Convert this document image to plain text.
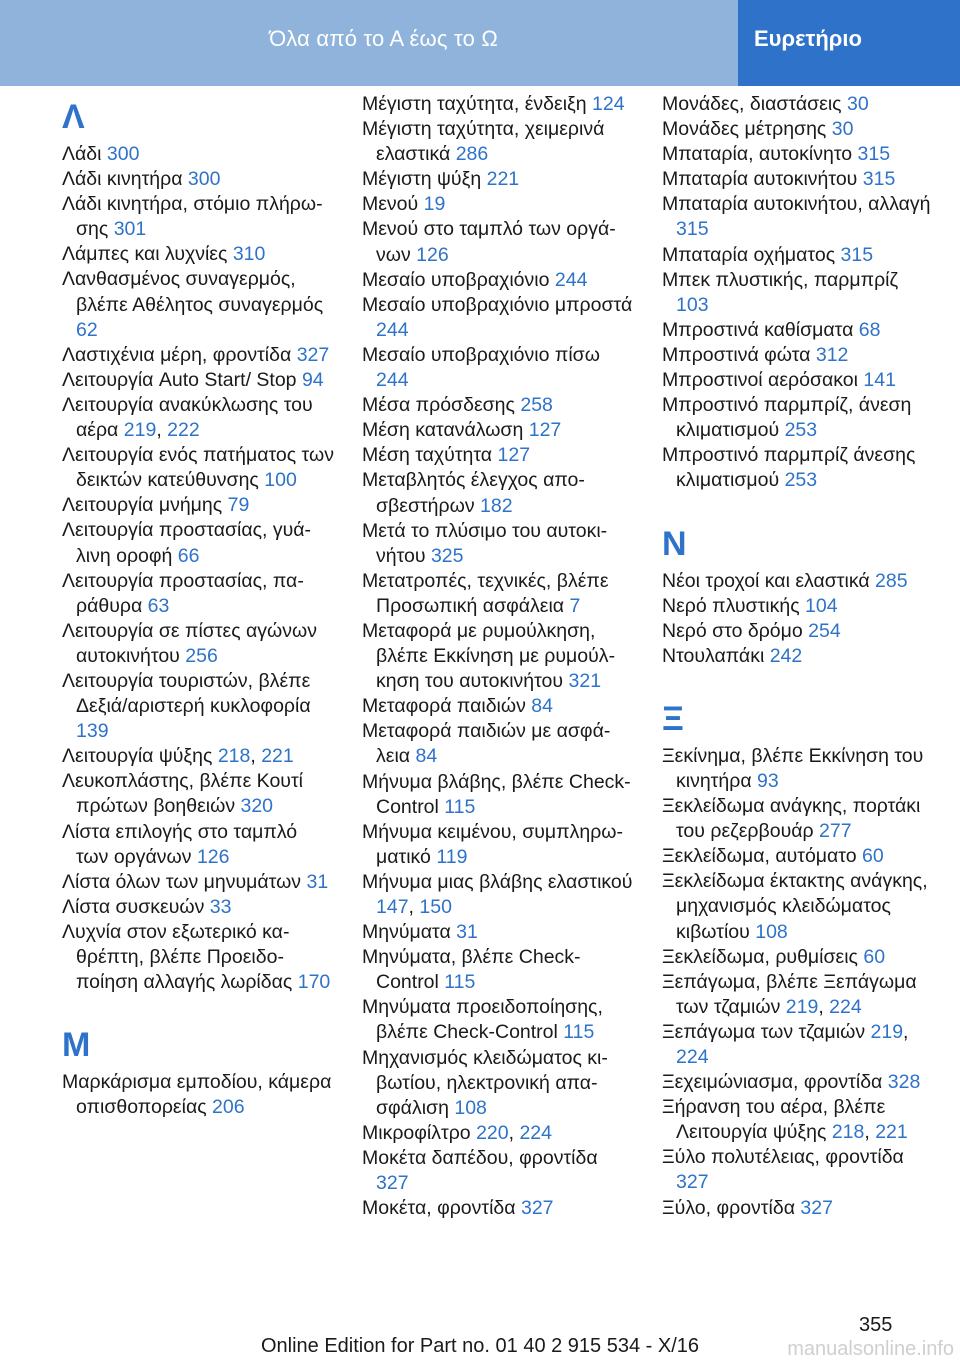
Όλα από το Α έως το Ω	Ευρετήριο
Λ
Λάδι 300
Λάδι κινητήρα 300
Λάδι κινητήρα, στόμιο πλήρωσης 301
Λάμπες και λυχνίες 310
Λανθασμένος συναγερμός, βλέπε Αθέλητος συναγερμός 62
Λαστιχένια μέρη, φροντίδα 327
Λειτουργία Auto Start/ Stop 94
Λειτουργία ανακύκλωσης του αέρα 219, 222
Λειτουργία ενός πατήματος των δεικτών κατεύθυνσης 100
Λειτουργία μνήμης 79
Λειτουργία προστασίας, γυάλινη οροφή 66
Λειτουργία προστασίας, παράθυρα 63
Λειτουργία σε πίστες αγώνων αυτοκινήτου 256
Λειτουργία τουριστών, βλέπε Δεξιά/αριστερή κυκλοφορία 139
Λειτουργία ψύξης 218, 221
Λευκοπλάστης, βλέπε Κουτί πρώτων βοηθειών 320
Λίστα επιλογής στο ταμπλό των οργάνων 126
Λίστα όλων των μηνυμάτων 31
Λίστα συσκευών 33
Λυχνία στον εξωτερικό καθρέπτη, βλέπε Προειδοποίηση αλλαγής λωρίδας 170
Μ
Μαρκάρισμα εμποδίου, κάμερα οπισθοπορείας 206
Μέγιστη ταχύτητα, ένδειξη 124
Μέγιστη ταχύτητα, χειμερινά ελαστικά 286
Μέγιστη ψύξη 221
Μενού 19
Μενού στο ταμπλό των οργάνων 126
Μεσαίο υποβραχιόνιο 244
Μεσαίο υποβραχιόνιο μπροστά 244
Μεσαίο υποβραχιόνιο πίσω 244
Μέσα πρόσδεσης 258
Μέση κατανάλωση 127
Μέση ταχύτητα 127
Μεταβλητός έλεγχος αποσβεστήρων 182
Μετά το πλύσιμο του αυτοκινήτου 325
Μετατροπές, τεχνικές, βλέπε Προσωπική ασφάλεια 7
Μεταφορά με ρυμούλκηση, βλέπε Εκκίνηση με ρυμούλκηση του αυτοκινήτου 321
Μεταφορά παιδιών 84
Μεταφορά παιδιών με ασφάλεια 84
Μήνυμα βλάβης, βλέπε Check-Control 115
Μήνυμα κειμένου, συμπληρωματικό 119
Μήνυμα μιας βλάβης ελαστικού 147, 150
Μηνύματα 31
Μηνύματα, βλέπε Check-Control 115
Μηνύματα προειδοποίησης, βλέπε Check-Control 115
Μηχανισμός κλειδώματος κιβωτίου, ηλεκτρονική απασφάλιση 108
Μικροφίλτρο 220, 224
Μοκέτα δαπέδου, φροντίδα 327
Μοκέτα, φροντίδα 327
Μονάδες, διαστάσεις 30
Μονάδες μέτρησης 30
Μπαταρία, αυτοκίνητο 315
Μπαταρία αυτοκινήτου 315
Μπαταρία αυτοκινήτου, αλλαγή 315
Μπαταρία οχήματος 315
Μπεκ πλυστικής, παρμπρίζ 103
Μπροστινά καθίσματα 68
Μπροστινά φώτα 312
Μπροστινοί αερόσακοι 141
Μπροστινό παρμπρίζ, άνεση κλιματισμού 253
Μπροστινό παρμπρίζ άνεσης κλιματισμού 253
Ν
Νέοι τροχοί και ελαστικά 285
Νερό πλυστικής 104
Νερό στο δρόμο 254
Ντουλαπάκι 242
Ξ
Ξεκίνημα, βλέπε Εκκίνηση του κινητήρα 93
Ξεκλείδωμα ανάγκης, πορτάκι του ρεζερβουάρ 277
Ξεκλείδωμα, αυτόματο 60
Ξεκλείδωμα έκτακτης ανάγκης, μηχανισμός κλειδώματος κιβωτίου 108
Ξεκλείδωμα, ρυθμίσεις 60
Ξεπάγωμα, βλέπε Ξεπάγωμα των τζαμιών 219, 224
Ξεπάγωμα των τζαμιών 219, 224
Ξεχειμώνιασμα, φροντίδα 328
Ξήρανση του αέρα, βλέπε Λειτουργία ψύξης 218, 221
Ξύλο πολυτέλειας, φροντίδα 327
Ξύλο, φροντίδα 327
355
Online Edition for Part no. 01 40 2 915 534 - X/16	manualsonline.info
